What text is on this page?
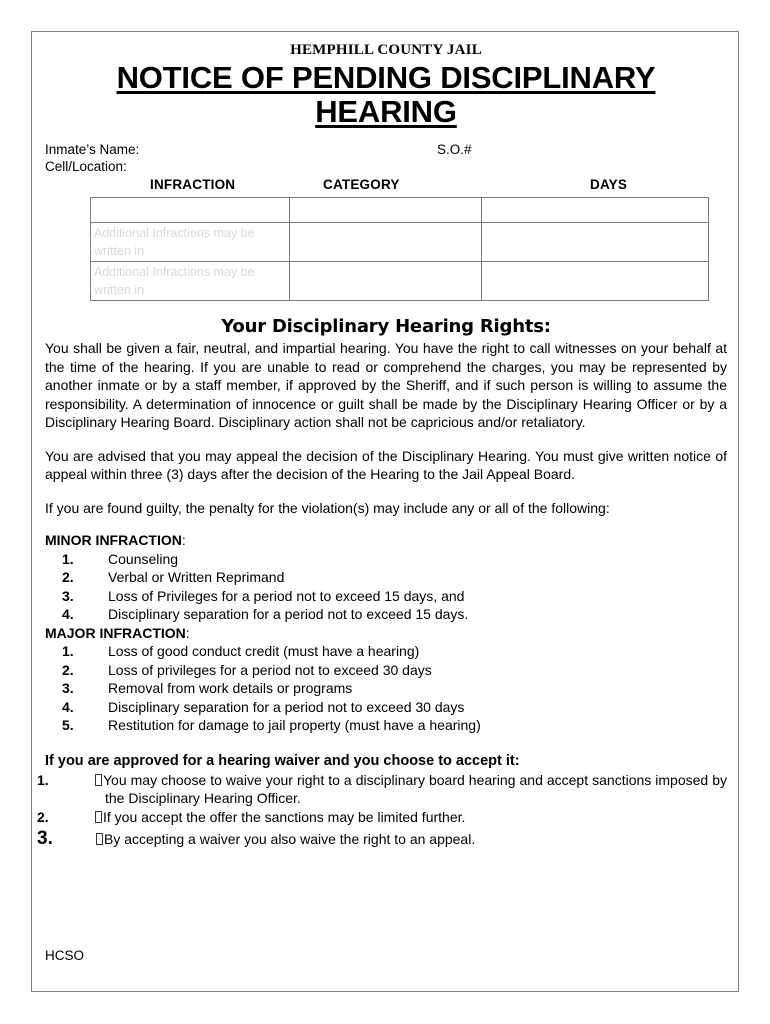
HEMPHILL COUNTY JAIL
NOTICE OF PENDING DISCIPLINARY
HEARING
Inmate’s Name:	S.O.#
Cell/Location:
INFRACTION	CATEGORY	DAYS

Additional Infractions may be written in		
Additional Infractions may be written in		
Your Disciplinary Hearing Rights:

You shall be given a fair, neutral, and impartial hearing. You have the right to call witnesses on your behalf at the time of the hearing. If you are unable to read or comprehend the charges, you may be represented by another inmate or by a staff member, if approved by the Sheriff, and if such person is willing to assume the responsibility. A determination of innocence or guilt shall be made by the Disciplinary Hearing Officer or by a Disciplinary Hearing Board. Disciplinary action shall not be capricious and/or retaliatory.

You are advised that you may appeal the decision of the Disciplinary Hearing. You must give written notice of appeal within three (3) days after the decision of the Hearing to the Jail Appeal Board.

If you are found guilty, the penalty for the violation(s) may include any or all of the following:

MINOR INFRACTION:
1. Counseling
2. Verbal or Written Reprimand
3. Loss of Privileges for a period not to exceed 15 days, and
4. Disciplinary separation for a period not to exceed 15 days.
MAJOR INFRACTION:
1. Loss of good conduct credit (must have a hearing)
2. Loss of privileges for a period not to exceed 30 days
3. Removal from work details or programs
4. Disciplinary separation for a period not to exceed 30 days
5. Restitution for damage to jail property (must have a hearing)
If you are approved for a hearing waiver and you choose to accept it:
1.	You may choose to waive your right to a disciplinary board hearing and accept sanctions imposed by the Disciplinary Hearing Officer.
2.	If you accept the offer the sanctions may be limited further.
3.	By accepting a waiver you also waive the right to an appeal.
HCSO
